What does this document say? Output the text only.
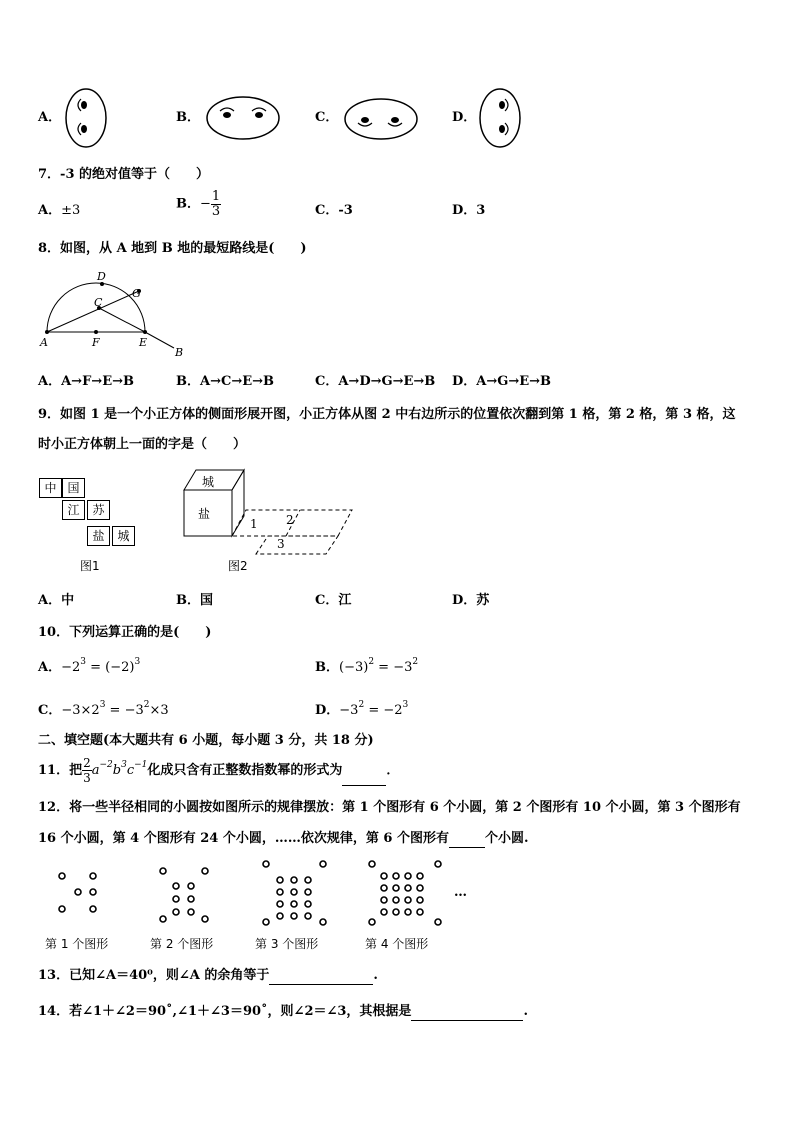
A．	B．	C．	D．
7．-3 的绝对值等于（　　）
A．±3	B．− $\frac{1}{3}$	C．-3	D．3
8．如图，从 A 地到 B 地的最短路线是(　　)
A	F	E
B
C
D
G
A．A→F→E→B	B．A→C→E→B	C．A→D→G→E→B D．A→G→E→B
9．如图 1 是一个小正方体的侧面形展开图，小正方体从图 2 中右边所示的位置依次翻到第 1 格，第 2 格，第 3 格，这
时小正方体朝上一面的字是（　　）
中 国
江	苏
盐	城
图1
城
盐
1 2
3
图2
A．中	B．国	C．江	D．苏
10．下列运算正确的是(　　)
A．$-2^3 = (-2)^3$	B．$(-3)^2 = -3^2$
C．$-3\times 2^3 = -3^2\times 3$	D．$-3^2 = -2^3$
二、填空题(本大题共有 6 小题，每小题 3 分，共 18 分)
11．把 $\frac{2}{3} a^{-2}b^3c^{-1}$化成只含有正整数指数幂的形式为	．
12．将一些半径相同的小圆按如图所示的规律摆放：第 1 个图形有 6 个小圆，第 2 个图形有 10 个小圆，第 3 个图形有
16 个小圆，第 4 个图形有 24 个小圆，……依次规律，第 6 个图形有	个小圆.
…
第 1 个图形	第 2 个图形	第 3 个图形	第 4 个图形
13．已知∠A＝40⁰，则∠A 的余角等于	.
14．若∠1＋∠2＝90˚,∠1＋∠3＝90˚，则∠2＝∠3，其根据是	.
